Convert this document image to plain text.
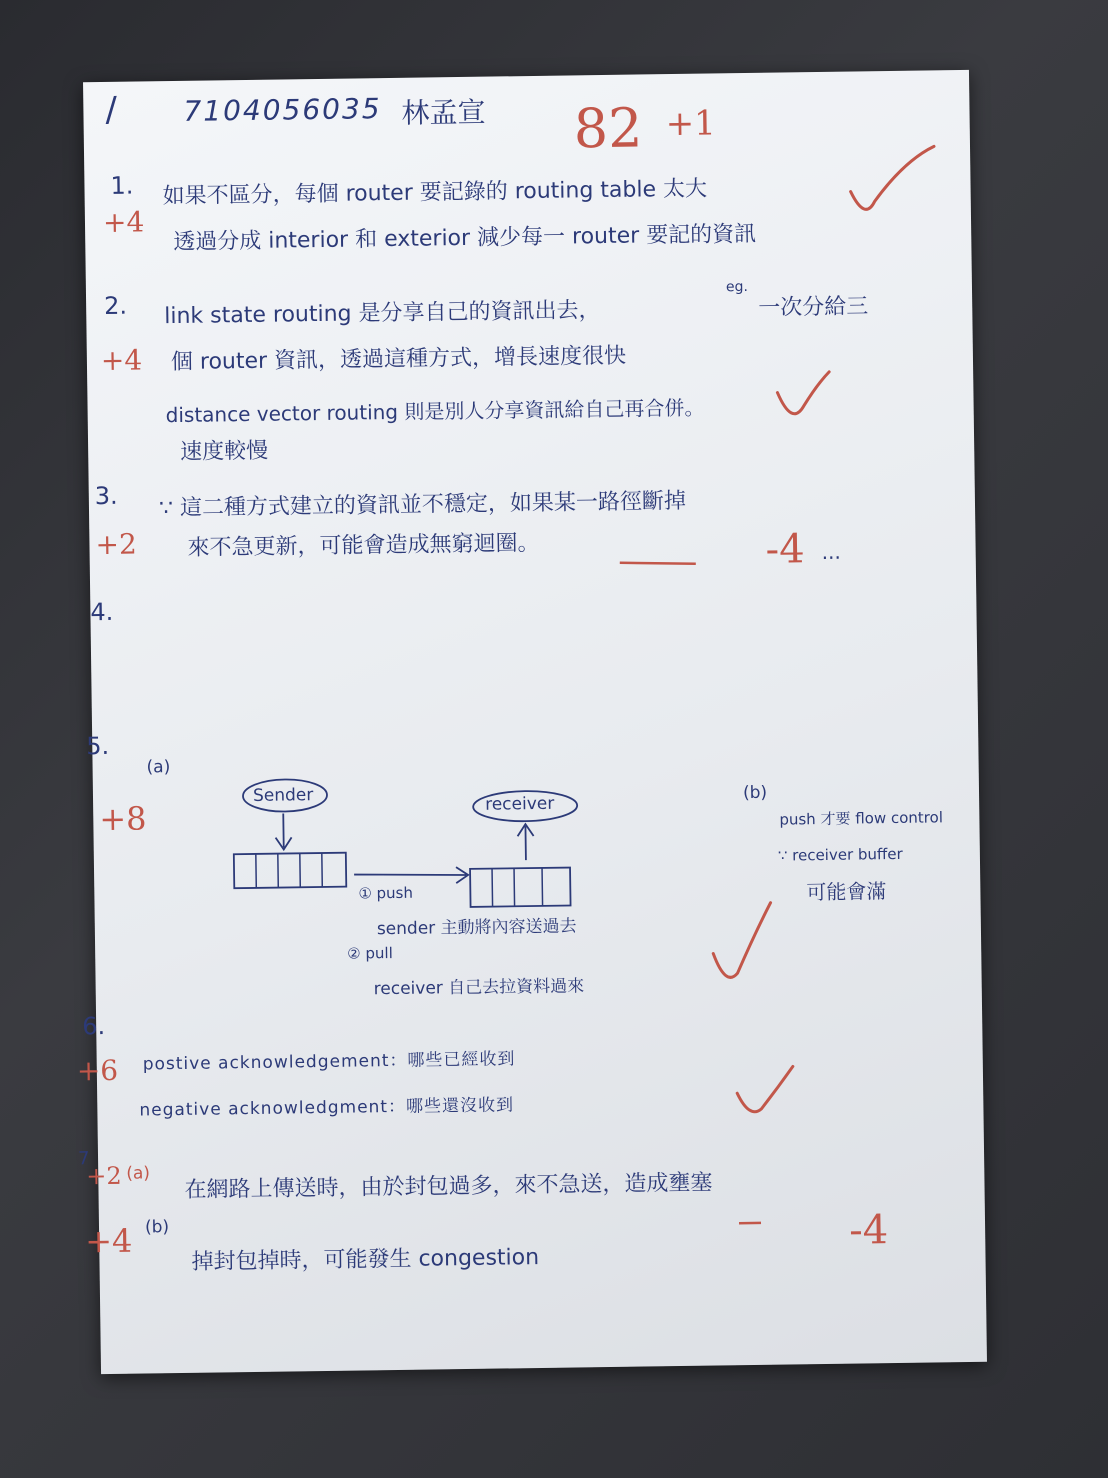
/ 7104056035 林孟宣 82 +1
1. 如果不區分，每個 router 要記錄的 routing table 太大
+4 透過分成 interior 和 exterior 減少每一 router 要記的資訊
2. link state routing 是分享自己的資訊出去，
eg.
一次分給三
+4 個 router 資訊，透過這種方式，增長速度很快
distance vector routing 則是別人分享資訊給自己再合併。
速度較慢
3. ∵ 這二種方式建立的資訊並不穩定，如果某一路徑斷掉
+2 來不急更新，可能會造成無窮迴圈。	-4 ...
4.
5.
(a)
+8
Sender	receiver
① push
sender 主動將內容送過去
② pull
receiver 自己去拉資料過來
(b)
push 才要 flow control
∵ receiver buffer
可能會滿
6.
+6 postive acknowledgement：哪些已經收到
negative acknowledgment：哪些還沒收到
7
+2 (a) 在網路上傳送時，由於封包過多，來不急送，造成壅塞
+4 (b)
掉封包掉時，可能發生 congestion
-4
